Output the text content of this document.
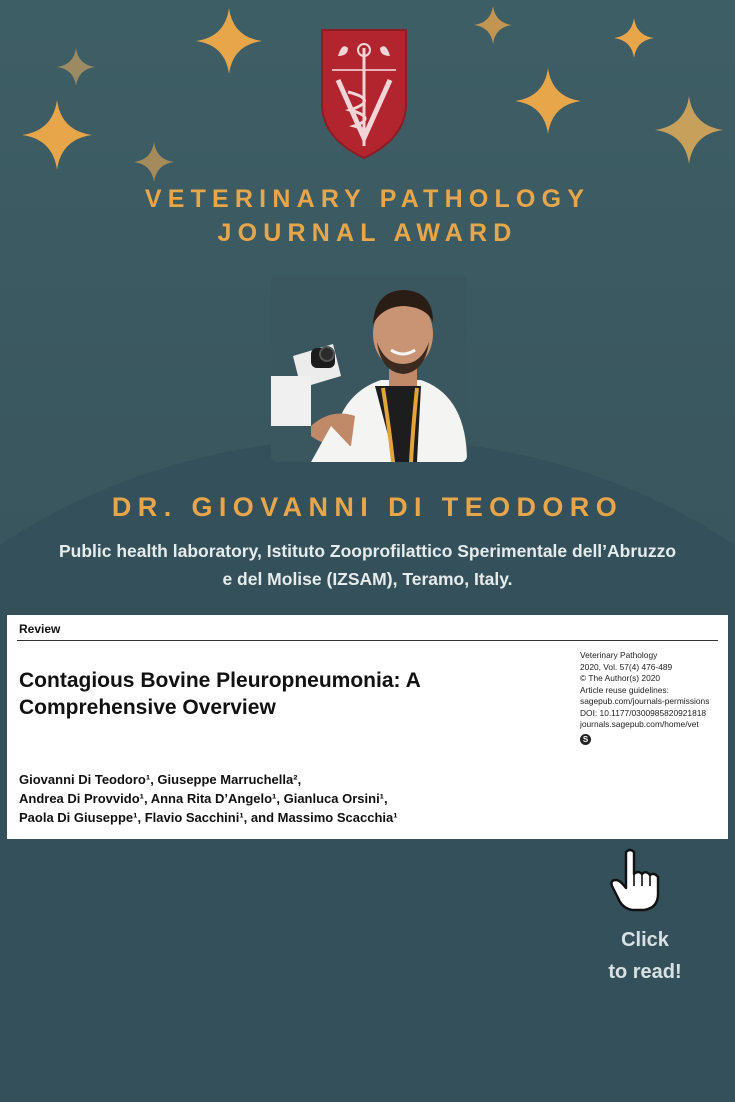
VETERINARY PATHOLOGY
JOURNAL AWARD
DR. GIOVANNI DI TEODORO
Public health laboratory, Istituto Zooprofilattico Sperimentale dell’Abruzzo
e del Molise (IZSAM), Teramo, Italy.
Review
Contagious Bovine Pleuropneumonia: A
Comprehensive Overview
Veterinary Pathology
2020, Vol. 57(4) 476-489
© The Author(s) 2020
Article reuse guidelines:
sagepub.com/journals-permissions
DOI: 10.1177/0300985820921818
journals.sagepub.com/home/vet
S
Giovanni Di Teodoro¹, Giuseppe Marruchella²,
Andrea Di Provvido¹, Anna Rita D’Angelo¹, Gianluca Orsini¹,
Paola Di Giuseppe¹, Flavio Sacchini¹, and Massimo Scacchia¹
Click
to read!
